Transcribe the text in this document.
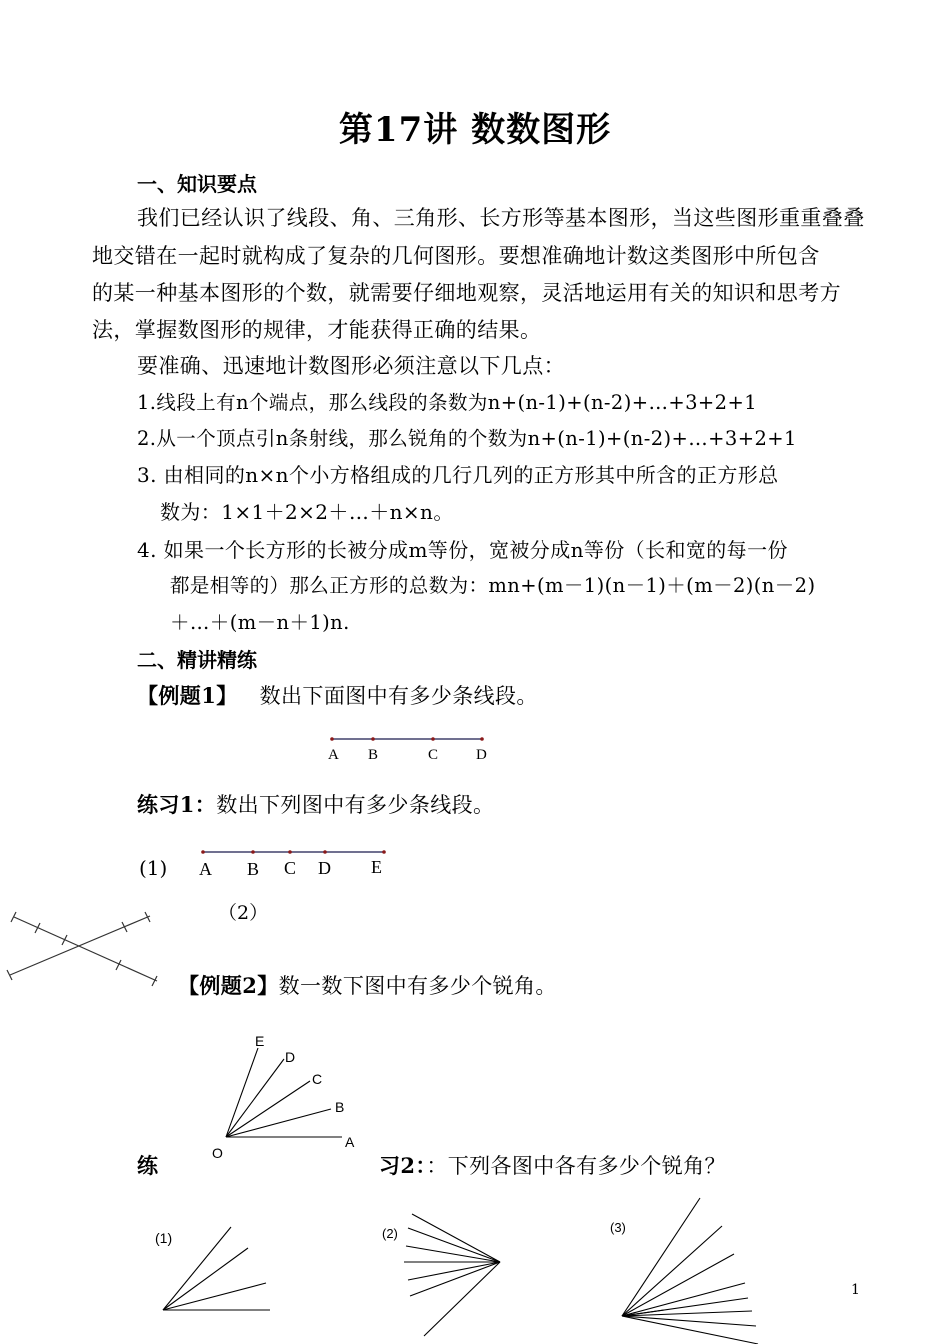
第17讲 数数图形
一、知识要点
我们已经认识了线段、角、三角形、长方形等基本图形，当这些图形重重叠叠
地交错在一起时就构成了复杂的几何图形。要想准确地计数这类图形中所包含
的某一种基本图形的个数，就需要仔细地观察，灵活地运用有关的知识和思考方
法，掌握数图形的规律，才能获得正确的结果。
要准确、迅速地计数图形必须注意以下几点：
1.线段上有n个端点，那么线段的条数为n+(n-1)+(n-2)+…+3+2+1
2.从一个顶点引n条射线，那么锐角的个数为n+(n-1)+(n-2)+…+3+2+1
3. 由相同的n×n个小方格组成的几行几列的正方形其中所含的正方形总
数为：1×1＋2×2＋…＋n×n。
4. 如果一个长方形的长被分成m等份，宽被分成n等份（长和宽的每一份
都是相等的）那么正方形的总数为：mn+(m－1)(n－1)＋(m－2)(n－2)
＋…＋(m－n＋1)n.
二、精讲精练
【例题1】 数出下面图中有多少条线段。
练习1：数出下列图中有多少条线段。
(1)
（2）
【例题2】数一数下图中有多少个锐角。
练	习2：：下列各图中各有多少个锐角？
1
A B	C	D
A B C D E
E
D
C
B
A
O
(1)	(2)	(3)
